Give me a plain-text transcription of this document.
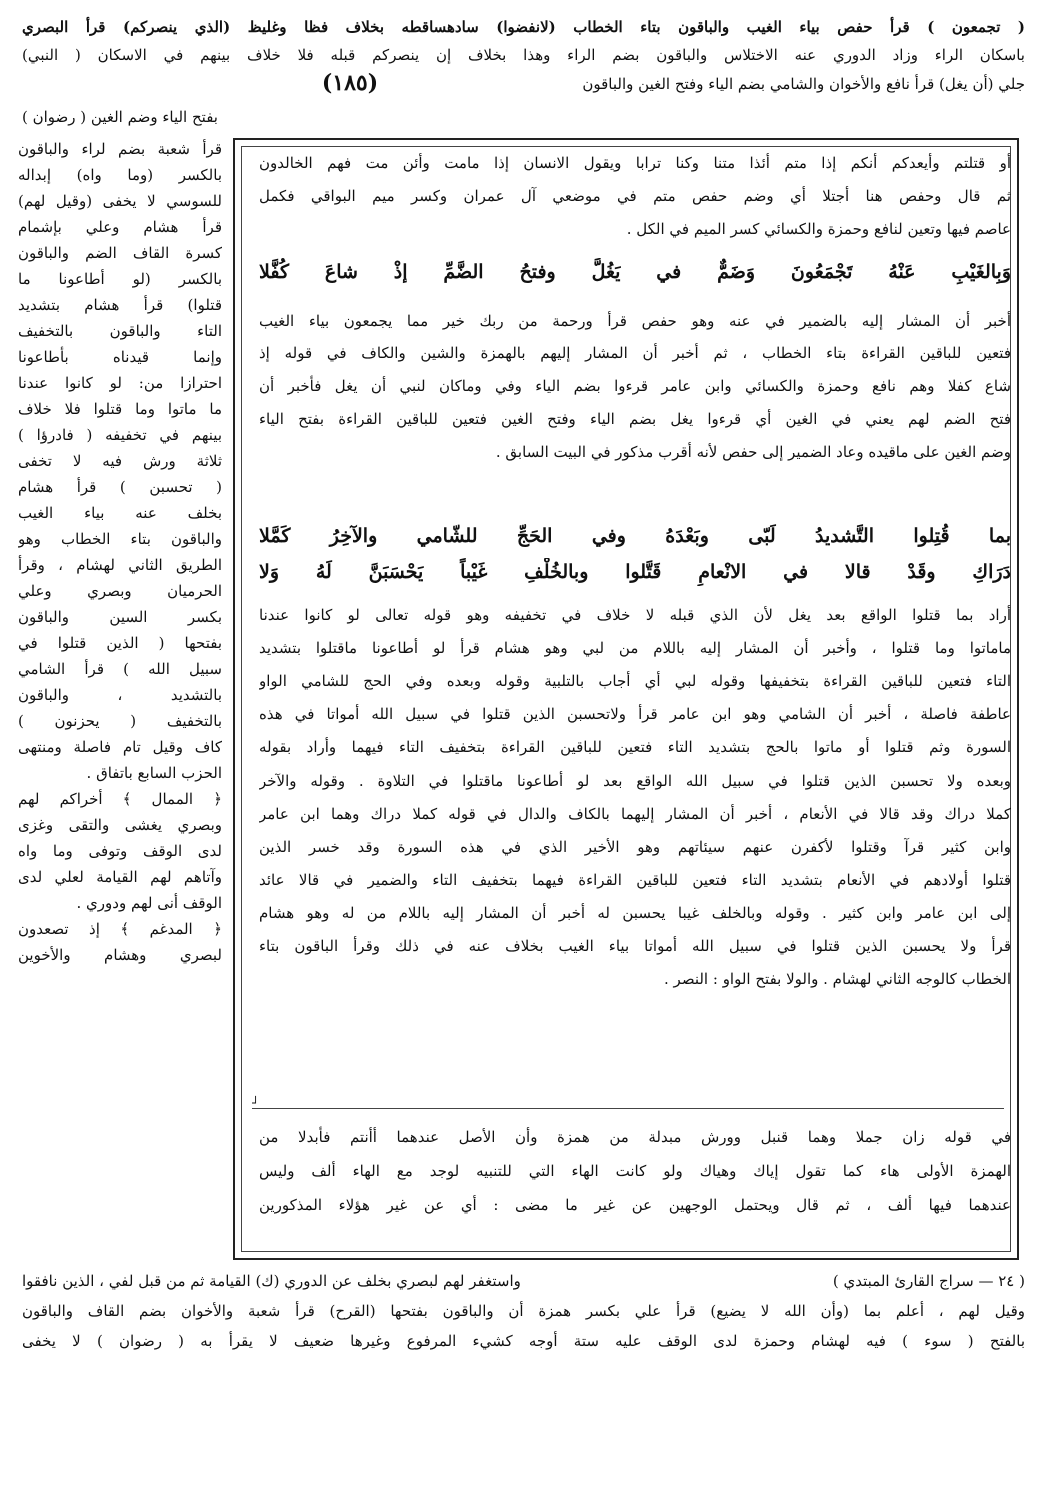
( تجمعون ) قرأ حفص بياء الغيب والباقون بتاء الخطاب (لانفضوا) سادهساقطه بخلاف فظا وغليظ (الذي ينصركم) قرأ البصري
باسكان الراء وزاد الدوري عنه الاختلاس والباقون بضم الراء وهذا بخلاف إن ينصركم قبله فلا خلاف بينهم في الاسكان ( النبي)
جلي (أن يغل) قرأ نافع والأخوان والشامي بضم الياء وفتح الغين والباقون
(١٨٥)
بفتح الياء وضم الغين ( رضوان )
أو قتلتم وأيعدكم أنكم إذا متم أئذا متنا وكنا ترابا ويقول الانسان إذا مامت وأئن مت فهم الخالدون
ثم قال وحفص هنا أجتلا أي وضم حفص متم في موضعي آل عمران وكسر ميم البواقي فكمل
عاصم فيها وتعين لنافع وحمزة والكسائي كسر الميم في الكل .
وَبِالغَيْبِ عَنْهُ تَجْمَعُونَ وَضَمٌّ في يَغُلَّ وفتحُ الضَّمِّ إذْ شاعَ كُفَّلا
أخبر أن المشار إليه بالضمير في عنه وهو حفص قرأ ورحمة من ربك خير مما يجمعون بياء الغيب
فتعين للباقين القراءة بتاء الخطاب ، ثم أخبر أن المشار إليهم بالهمزة والشين والكاف في قوله إذ
شاع كفلا وهم نافع وحمزة والكسائي وابن عامر قرءوا بضم الياء وفي وماكان لنبي أن يغل فأخبر أن
فتح الضم لهم يعني في الغين أي قرءوا يغل بضم الياء وفتح الغين فتعين للباقين القراءة بفتح الياء
وضم الغين على ماقيده وعاد الضمير إلى حفص لأنه أقرب مذكور في البيت السابق .
بما قُتِلوا التَّشديدُ لَبّى وبَعْدَهُ وفي الحَجِّ للشّامي والآخِرُ كَمَّلا
دَرَاكِ وقَدْ قالا في الانْعامِ قَتَّلوا وبالخُلْفِ غَيْباً يَحْسَبَنَّ لَهُ وَلا
أراد بما قتلوا الواقع بعد يغل لأن الذي قبله لا خلاف في تخفيفه وهو قوله تعالى لو كانوا عندنا
ماماتوا وما قتلوا ، وأخبر أن المشار إليه باللام من لبي وهو هشام قرأ لو أطاعونا ماقتلوا بتشديد
التاء فتعين للباقين القراءة بتخفيفها وقوله لبي أي أجاب بالتلبية وقوله وبعده وفي الحج للشامي الواو
عاطفة فاصلة ، أخبر أن الشامي وهو ابن عامر قرأ ولاتحسبن الذين قتلوا في سبيل الله أمواتا في هذه
السورة وثم قتلوا أو ماتوا بالحج بتشديد التاء فتعين للباقين القراءة بتخفيف التاء فيهما وأراد بقوله
وبعده ولا تحسبن الذين قتلوا في سبيل الله الواقع بعد لو أطاعونا ماقتلوا في التلاوة . وقوله والآخر
كملا دراك وقد قالا في الأنعام ، أخبر أن المشار إليهما بالكاف والدال في قوله كملا دراك وهما ابن عامر
وابن كثير قرآ وقتلوا لأكفرن عنهم سيئاتهم وهو الأخير الذي في هذه السورة وقد خسر الذين
قتلوا أولادهم في الأنعام بتشديد التاء فتعين للباقين القراءة فيهما بتخفيف التاء والضمير في قالا عائد
إلى ابن عامر وابن كثير . وقوله وبالخلف غيبا يحسبن له أخبر أن المشار إليه باللام من له وهو هشام
قرأ ولا يحسبن الذين قتلوا في سبيل الله أمواتا بياء الغيب بخلاف عنه في ذلك وقرأ الباقون بتاء
الخطاب كالوجه الثاني لهشام . والولا بفتح الواو : النصر .
┘
في قوله زان جملا وهما قنبل وورش مبدلة من همزة وأن الأصل عندهما أأنتم فأبدلا من
الهمزة الأولى هاء كما تقول إياك وهياك ولو كانت الهاء التي للتنبيه لوجد مع الهاء ألف وليس
عندهما فيها ألف ، ثم قال ويحتمل الوجهين عن غير ما مضى : أي عن غير هؤلاء المذكورين
قرأ شعبة بضم لراء والباقون
بالكسر (وما واه) إبداله
للسوسي لا يخفى (وقيل لهم)
قرأ هشام وعلي بإشمام
كسرة القاف الضم والباقون
بالكسر (لو أطاعونا ما
قتلوا) قرأ هشام بتشديد
التاء والباقون بالتخفيف
وإنما قيدناه بأطاعونا
احترازا من: لو كانوا عندنا
ما ماتوا وما قتلوا فلا خلاف
بينهم في تخفيفه ( فادرؤا )
ثلاثة ورش فيه لا تخفى
( تحسبن ) قرأ هشام
بخلف عنه بياء الغيب
والباقون بتاء الخطاب وهو
الطريق الثاني لهشام ، وقرأ
الحرميان وبصري وعلي
بكسر السين والباقون
بفتحها ( الذين قتلوا في
سبيل الله ) قرأ الشامي
بالتشديد ، والباقون
بالتخفيف ( يحزنون )
كاف وقيل تام فاصلة ومنتهى
الحزب السابع باتفاق .
﴿ الممال ﴾ أخراكم لهم
وبصري يغشى والتقى وغزى
لدى الوقف وتوفى وما واه
وآتاهم لهم القيامة لعلي لدى
الوقف أنى لهم ودوري .
﴿ المدغم ﴾ إذ تصعدون
لبصري وهشام والأخوين
( ٢٤ — سراج القارئ المبتدي )
واستغفر لهم لبصري بخلف عن الدوري (ك) القيامة ثم من قبل لفي ، الذين نافقوا
وقيل لهم ، أعلم بما (وأن الله لا يضيع) قرأ علي بكسر همزة أن والباقون بفتحها (القرح) قرأ شعبة والأخوان بضم القاف والباقون
بالفتح ( سوء ) فيه لهشام وحمزة لدى الوقف عليه ستة أوجه كشيء المرفوع وغيرها ضعيف لا يقرأ به ( رضوان ) لا يخفى
